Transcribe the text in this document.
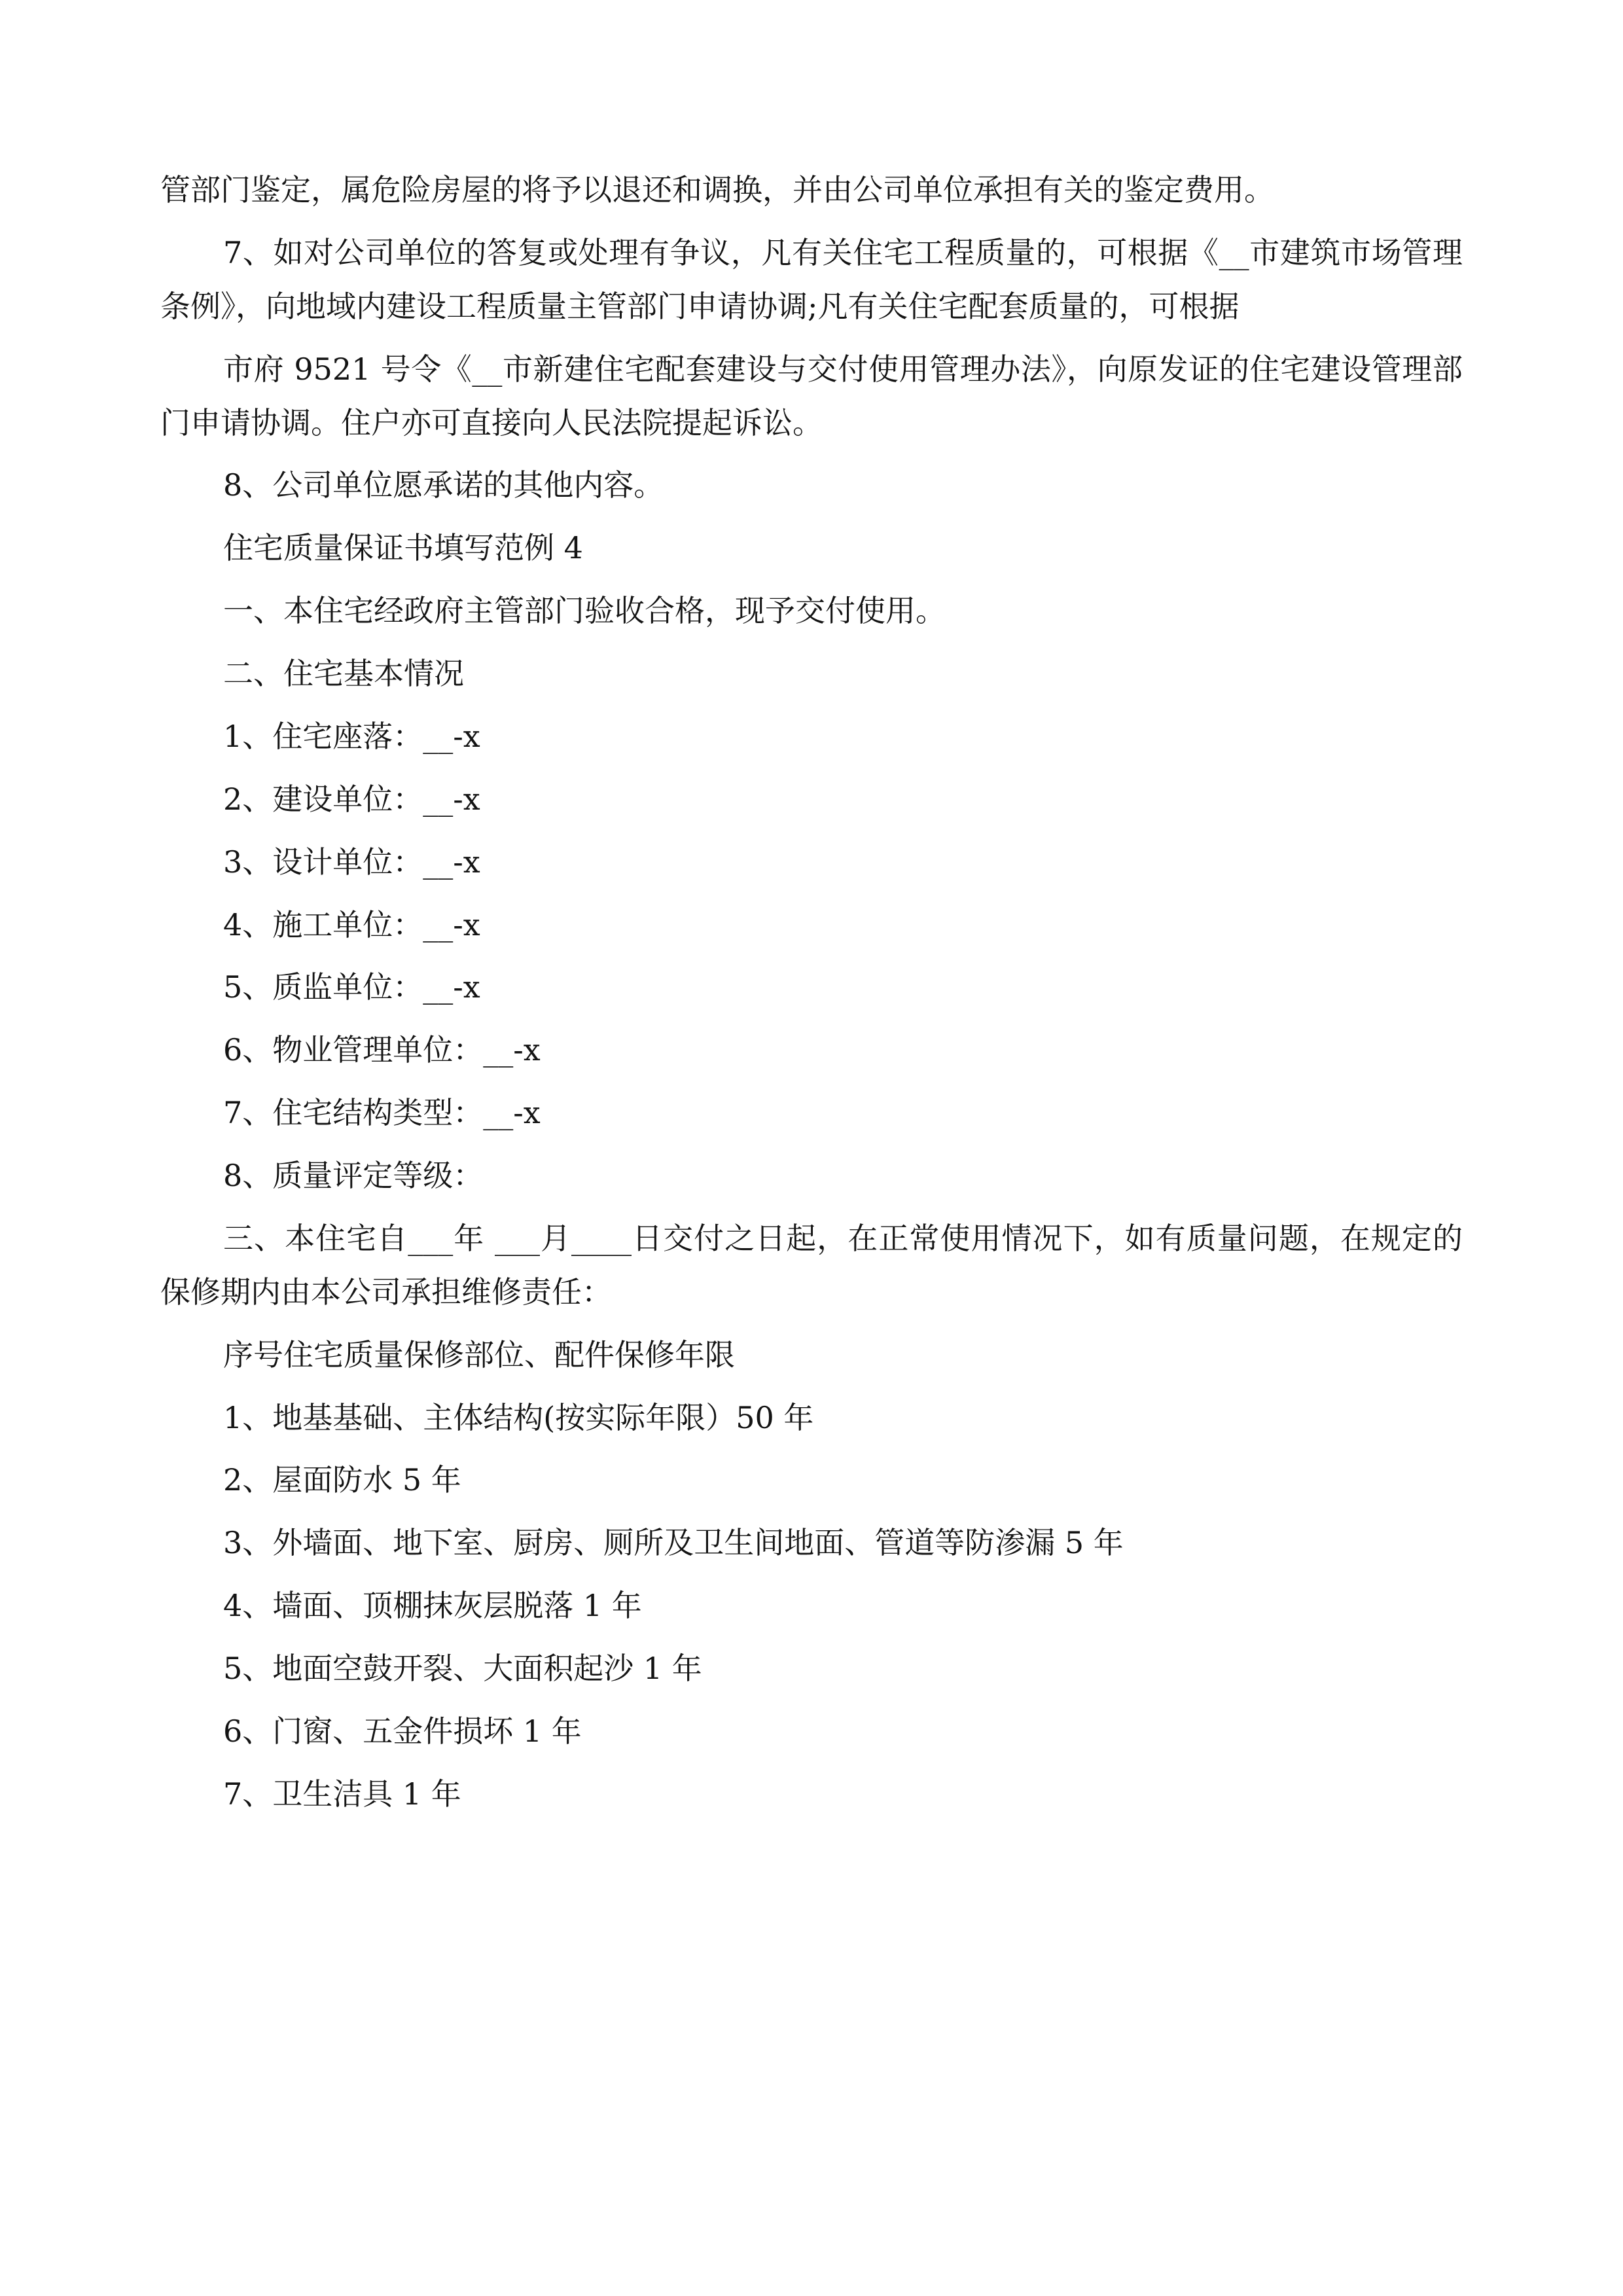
管部门鉴定，属危险房屋的将予以退还和调换，并由公司单位承担有关的鉴定费用。

7、如对公司单位的答复或处理有争议，凡有关住宅工程质量的，可根据《__市建筑市场管理条例》，向地域内建设工程质量主管部门申请协调;凡有关住宅配套质量的，可根据

市府 9521 号令《__市新建住宅配套建设与交付使用管理办法》，向原发证的住宅建设管理部门申请协调。住户亦可直接向人民法院提起诉讼。

8、公司单位愿承诺的其他内容。

住宅质量保证书填写范例 4

一、本住宅经政府主管部门验收合格，现予交付使用。

二、住宅基本情况

1、住宅座落：__-x

2、建设单位：__-x

3、设计单位：__-x

4、施工单位：__-x

5、质监单位：__-x

6、物业管理单位：__-x

7、住宅结构类型：__-x

8、质量评定等级：

三、本住宅自___年 ___月____日交付之日起，在正常使用情况下，如有质量问题，在规定的保修期内由本公司承担维修责任：

序号住宅质量保修部位、配件保修年限

1、地基基础、主体结构(按实际年限）50 年

2、屋面防水 5 年

3、外墙面、地下室、厨房、厕所及卫生间地面、管道等防渗漏 5 年

4、墙面、顶棚抹灰层脱落 1 年

5、地面空鼓开裂、大面积起沙 1 年

6、门窗、五金件损坏 1 年

7、卫生洁具 1 年
